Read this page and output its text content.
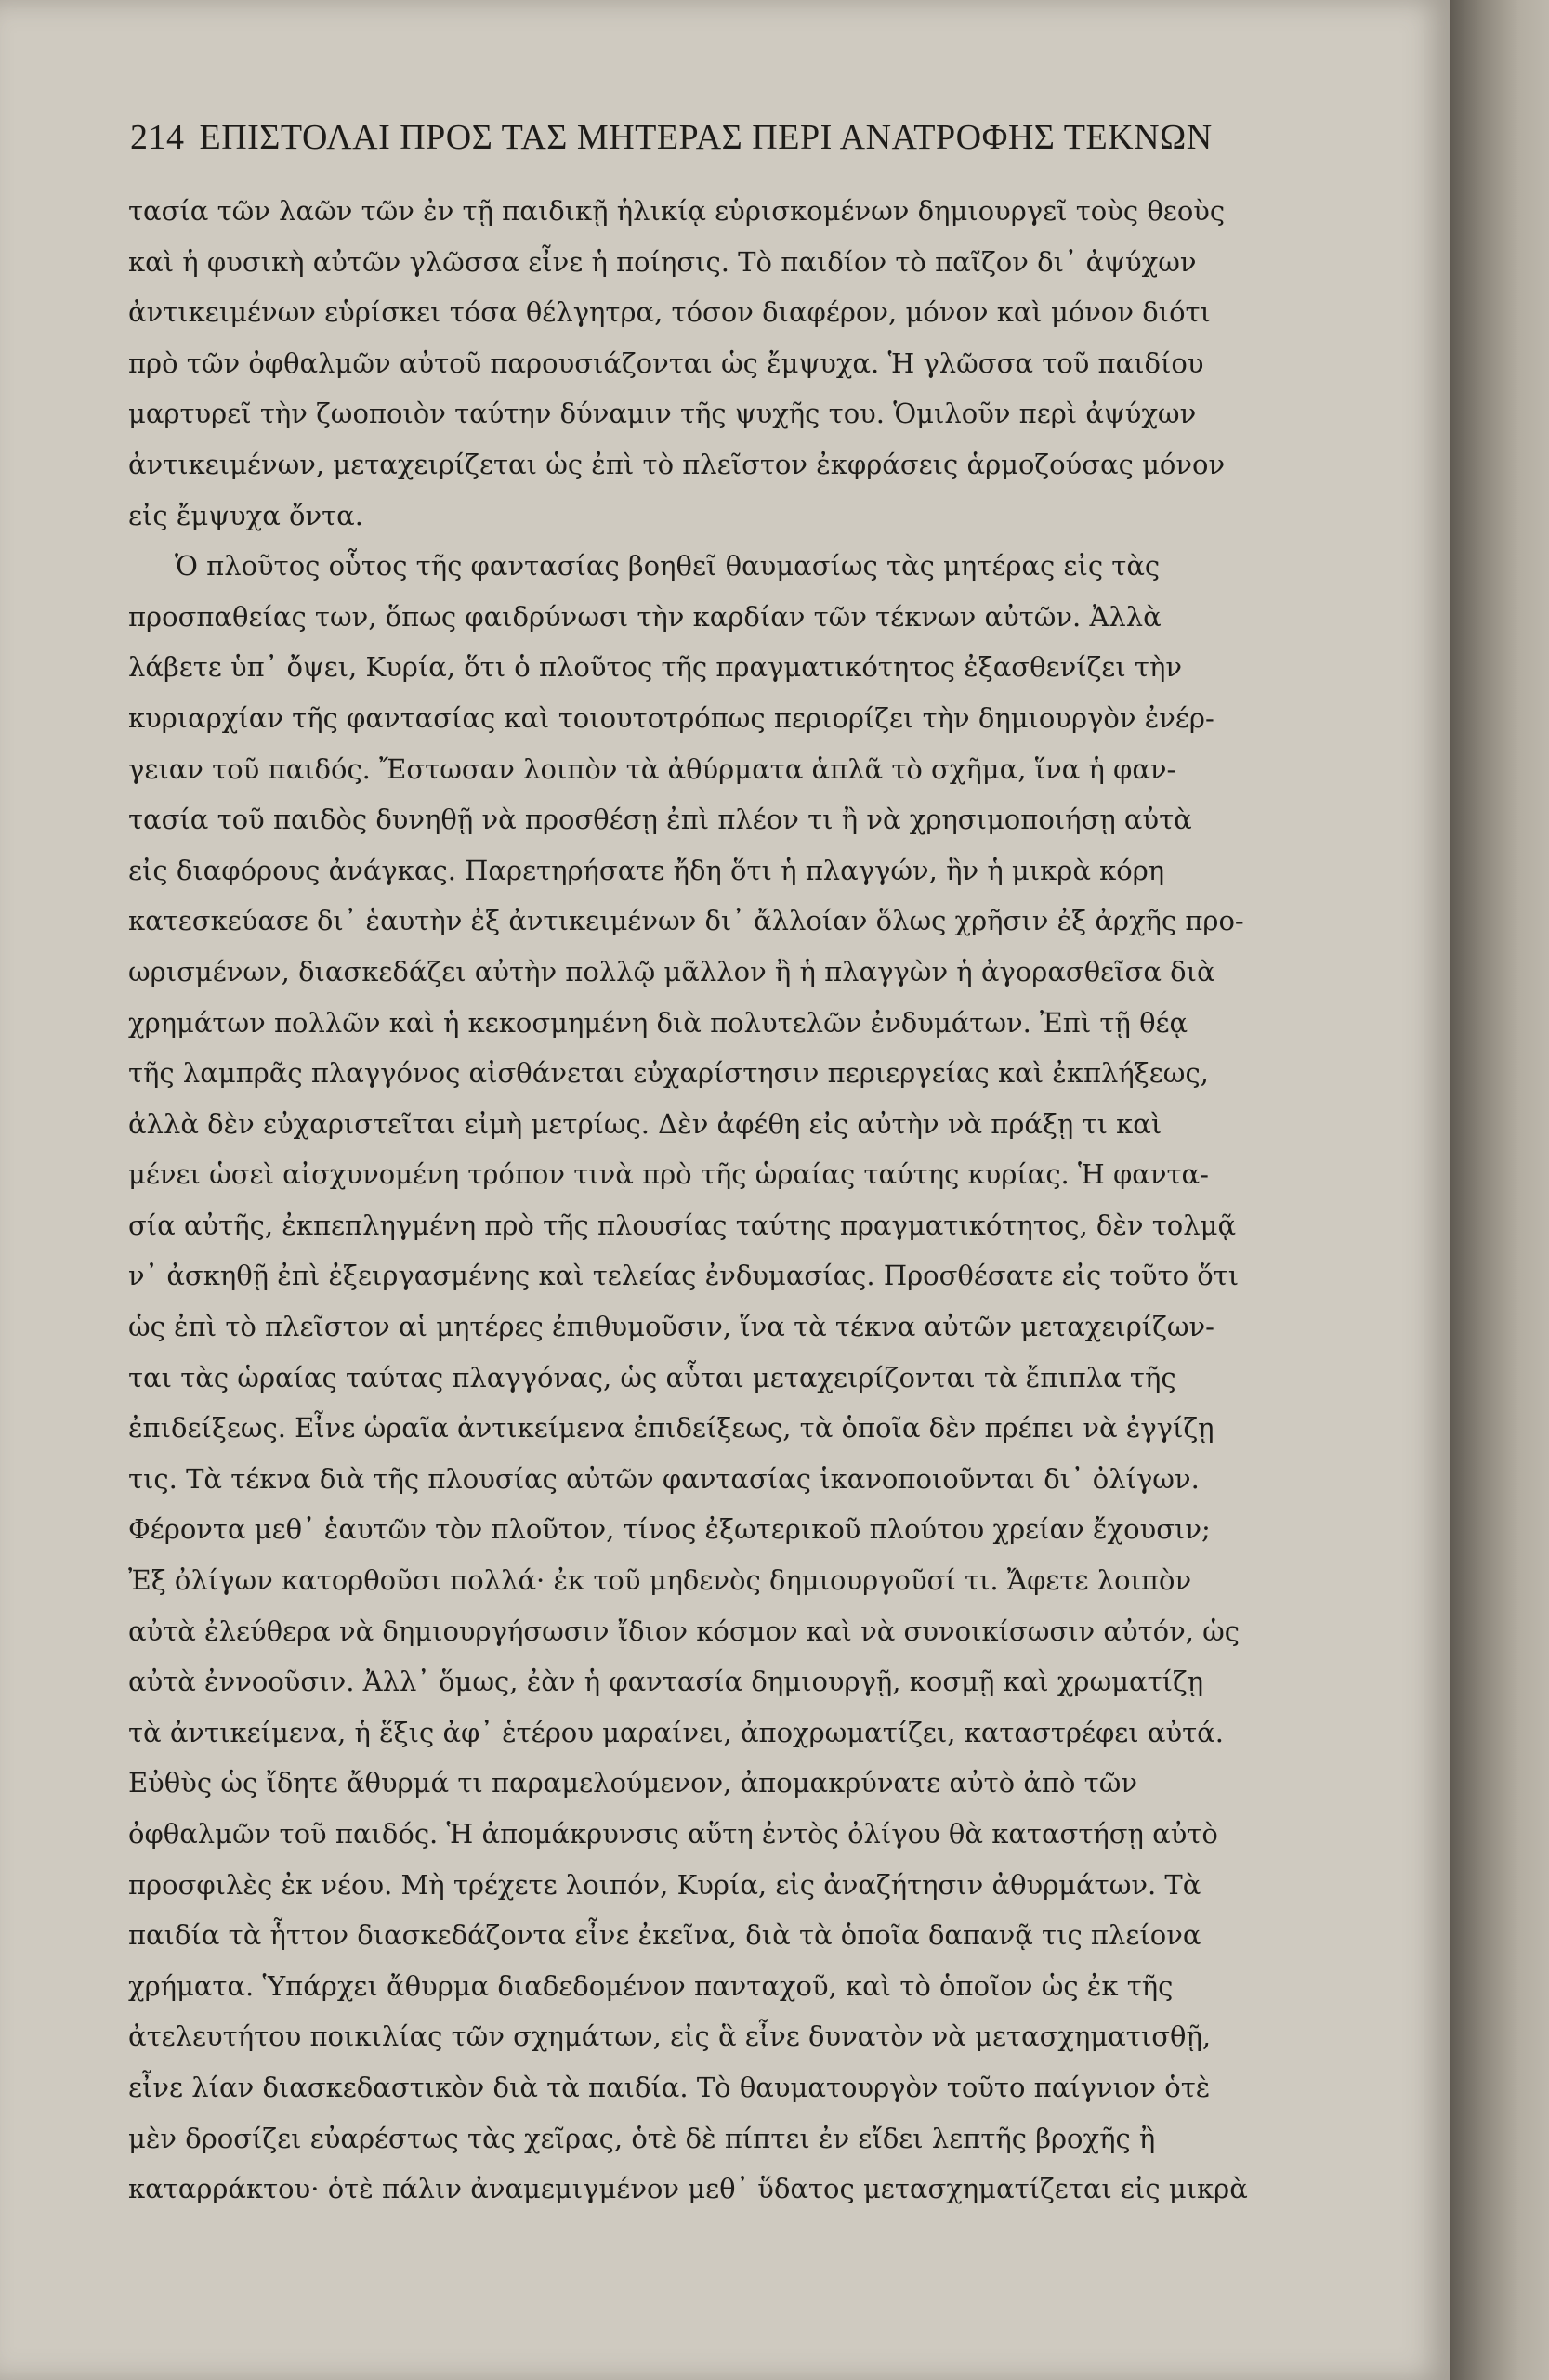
214 ΕΠΙΣΤΟΛΑΙ ΠΡΟΣ ΤΑΣ ΜΗΤΕΡΑΣ ΠΕΡΙ ΑΝΑΤΡΟΦΗΣ ΤΕΚΝΩΝ
τασία τῶν λαῶν τῶν ἐν τῇ παιδικῇ ἡλικίᾳ εὑρισκομένων δημιουργεῖ τοὺς θεοὺς
καὶ ἡ φυσικὴ αὐτῶν γλῶσσα εἶνε ἡ ποίησις. Τὸ παιδίον τὸ παῖζον δι᾽ ἀψύχων
ἀντικειμένων εὑρίσκει τόσα θέλγητρα, τόσον διαφέρον, μόνον καὶ μόνον διότι
πρὸ τῶν ὀφθαλμῶν αὐτοῦ παρουσιάζονται ὡς ἔμψυχα. Ἡ γλῶσσα τοῦ παιδίου
μαρτυρεῖ τὴν ζωοποιὸν ταύτην δύναμιν τῆς ψυχῆς του. Ὁμιλοῦν περὶ ἀψύχων
ἀντικειμένων, μεταχειρίζεται ὡς ἐπὶ τὸ πλεῖστον ἐκφράσεις ἁρμοζούσας μόνον
εἰς ἔμψυχα ὄντα.
Ὁ πλοῦτος οὗτος τῆς φαντασίας βοηθεῖ θαυμασίως τὰς μητέρας εἰς τὰς
προσπαθείας των, ὅπως φαιδρύνωσι τὴν καρδίαν τῶν τέκνων αὐτῶν. Ἀλλὰ
λάβετε ὑπ᾽ ὄψει, Κυρία, ὅτι ὁ πλοῦτος τῆς πραγματικότητος ἐξασθενίζει τὴν
κυριαρχίαν τῆς φαντασίας καὶ τοιουτοτρόπως περιορίζει τὴν δημιουργὸν ἐνέρ-
γειαν τοῦ παιδός. Ἔστωσαν λοιπὸν τὰ ἀθύρματα ἁπλᾶ τὸ σχῆμα, ἵνα ἡ φαν-
τασία τοῦ παιδὸς δυνηθῇ νὰ προσθέσῃ ἐπὶ πλέον τι ἢ νὰ χρησιμοποιήσῃ αὐτὰ
εἰς διαφόρους ἀνάγκας. Παρετηρήσατε ἤδη ὅτι ἡ πλαγγών, ἣν ἡ μικρὰ κόρη
κατεσκεύασε δι᾽ ἑαυτὴν ἐξ ἀντικειμένων δι᾽ ἄλλοίαν ὅλως χρῆσιν ἐξ ἀρχῆς προ-
ωρισμένων, διασκεδάζει αὐτὴν πολλῷ μᾶλλον ἢ ἡ πλαγγὼν ἡ ἀγορασθεῖσα διὰ
χρημάτων πολλῶν καὶ ἡ κεκοσμημένη διὰ πολυτελῶν ἐνδυμάτων. Ἐπὶ τῇ θέᾳ
τῆς λαμπρᾶς πλαγγόνος αἰσθάνεται εὐχαρίστησιν περιεργείας καὶ ἐκπλήξεως,
ἀλλὰ δὲν εὐχαριστεῖται εἰμὴ μετρίως. Δὲν ἀφέθη εἰς αὐτὴν νὰ πράξῃ τι καὶ
μένει ὡσεὶ αἰσχυνομένη τρόπον τινὰ πρὸ τῆς ὡραίας ταύτης κυρίας. Ἡ φαντα-
σία αὐτῆς, ἐκπεπληγμένη πρὸ τῆς πλουσίας ταύτης πραγματικότητος, δὲν τολμᾷ
ν᾽ ἀσκηθῇ ἐπὶ ἐξειργασμένης καὶ τελείας ἐνδυμασίας. Προσθέσατε εἰς τοῦτο ὅτι
ὡς ἐπὶ τὸ πλεῖστον αἱ μητέρες ἐπιθυμοῦσιν, ἵνα τὰ τέκνα αὐτῶν μεταχειρίζων-
ται τὰς ὡραίας ταύτας πλαγγόνας, ὡς αὗται μεταχειρίζονται τὰ ἔπιπλα τῆς
ἐπιδείξεως. Εἶνε ὡραῖα ἀντικείμενα ἐπιδείξεως, τὰ ὁποῖα δὲν πρέπει νὰ ἐγγίζῃ
τις. Τὰ τέκνα διὰ τῆς πλουσίας αὐτῶν φαντασίας ἱκανοποιοῦνται δι᾽ ὀλίγων.
Φέροντα μεθ᾽ ἑαυτῶν τὸν πλοῦτον, τίνος ἐξωτερικοῦ πλούτου χρείαν ἔχουσιν;
Ἐξ ὀλίγων κατορθοῦσι πολλά· ἐκ τοῦ μηδενὸς δημιουργοῦσί τι. Ἄφετε λοιπὸν
αὐτὰ ἐλεύθερα νὰ δημιουργήσωσιν ἴδιον κόσμον καὶ νὰ συνοικίσωσιν αὐτόν, ὡς
αὐτὰ ἐννοοῦσιν. Ἀλλ᾽ ὅμως, ἐὰν ἡ φαντασία δημιουργῇ, κοσμῇ καὶ χρωματίζῃ
τὰ ἀντικείμενα, ἡ ἕξις ἀφ᾽ ἑτέρου μαραίνει, ἀποχρωματίζει, καταστρέφει αὐτά.
Εὐθὺς ὡς ἴδητε ἄθυρμά τι παραμελούμενον, ἀπομακρύνατε αὐτὸ ἀπὸ τῶν
ὀφθαλμῶν τοῦ παιδός. Ἡ ἀπομάκρυνσις αὕτη ἐντὸς ὀλίγου θὰ καταστήσῃ αὐτὸ
προσφιλὲς ἐκ νέου. Μὴ τρέχετε λοιπόν, Κυρία, εἰς ἀναζήτησιν ἀθυρμάτων. Τὰ
παιδία τὰ ἧττον διασκεδάζοντα εἶνε ἐκεῖνα, διὰ τὰ ὁποῖα δαπανᾷ τις πλείονα
χρήματα. Ὑπάρχει ἄθυρμα διαδεδομένον πανταχοῦ, καὶ τὸ ὁποῖον ὡς ἐκ τῆς
ἀτελευτήτου ποικιλίας τῶν σχημάτων, εἰς ἃ εἶνε δυνατὸν νὰ μετασχηματισθῇ,
εἶνε λίαν διασκεδαστικὸν διὰ τὰ παιδία. Τὸ θαυματουργὸν τοῦτο παίγνιον ὁτὲ
μὲν δροσίζει εὐαρέστως τὰς χεῖρας, ὁτὲ δὲ πίπτει ἐν εἴδει λεπτῆς βροχῆς ἢ
καταρράκτου· ὁτὲ πάλιν ἀναμεμιγμένον μεθ᾽ ὕδατος μετασχηματίζεται εἰς μικρὰ
